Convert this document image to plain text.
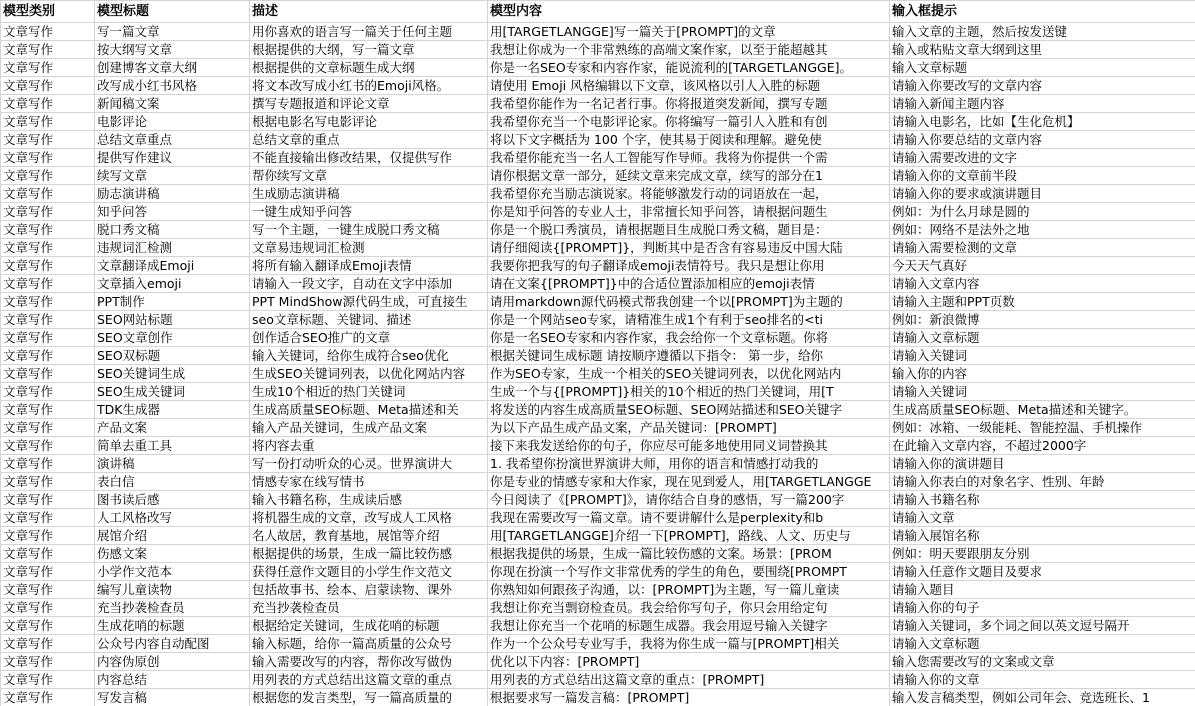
模型类别	模型标题	描述	模型内容	输入框提示
文章写作	写一篇文章	用你喜欢的语言写一篇关于任何主题	用[TARGETLANGGE]写一篇关于[PROMPT]的文章	输入文章的主题，然后按发送键
文章写作	按大纲写文章	根据提供的大纲，写一篇文章	我想让你成为一个非常熟练的高端文案作家，以至于能超越其	输入或粘贴文章大纲到这里
文章写作	创建博客文章大纲	根据提供的文章标题生成大纲	你是一名SEO专家和内容作家，能说流利的[TARGETLANGGE]。	输入文章标题
文章写作	改写成小红书风格	将文本改写成小红书的Emoji风格。	请使用 Emoji 风格编辑以下文章，该风格以引人入胜的标题	请输入你要改写的文章内容
文章写作	新闻稿文案	撰写专题报道和评论文章	我希望你能作为一名记者行事。你将报道突发新闻，撰写专题	请输入新闻主题内容
文章写作	电影评论	根据电影名写电影评论	我希望你充当一个电影评论家。你将编写一篇引人入胜和有创	请输入电影名，比如【生化危机】
文章写作	总结文章重点	总结文章的重点	将以下文字概括为 100 个字，使其易于阅读和理解。避免使	请输入你要总结的文章内容
文章写作	提供写作建议	不能直接输出修改结果，仅提供写作	我希望你能充当一名人工智能写作导师。我将为你提供一个需	请输入需要改进的文字
文章写作	续写文章	帮你续写文章	请你根据文章一部分，延续文章来完成文章，续写的部分在1	请输入你的文章前半段
文章写作	励志演讲稿	生成励志演讲稿	我希望你充当励志演说家。将能够激发行动的词语放在一起，	请输入你的要求或演讲题目
文章写作	知乎问答	一键生成知乎问答	你是知乎问答的专业人士，非常擅长知乎问答，请根据问题生	例如：为什么月球是圆的
文章写作	脱口秀文稿	写一个主题，一键生成脱口秀文稿	你是一个脱口秀演员，请根据题目生成脱口秀文稿，题目是：	例如：网络不是法外之地
文章写作	违规词汇检测	文章易违规词汇检测	请仔细阅读{[PROMPT]}，判断其中是否含有容易违反中国大陆	请输入需要检测的文章
文章写作	文章翻译成Emoji	将所有输入翻译成Emoji表情	我要你把我写的句子翻译成emoji表情符号。我只是想让你用	今天天气真好
文章写作	文章插入emoji	请输入一段文字，自动在文字中添加	请在文案{[PROMPT]}中的合适位置添加相应的emoji表情	请输入文章内容
文章写作	PPT制作	PPT MindShow源代码生成，可直接生	请用markdown源代码模式帮我创建一个以[PROMPT]为主题的	请输入主题和PPT页数
文章写作	SEO网站标题	seo文章标题、关键词、描述	你是一个网站seo专家，请精准生成1个有利于seo排名的<ti	例如：新浪微博
文章写作	SEO文章创作	创作适合SEO推广的文章	你是一名SEO专家和内容作家，我会给你一个文章标题。你将	请输入文章标题
文章写作	SEO双标题	输入关键词，给你生成符合seo优化	根据关键词生成标题 请按顺序遵循以下指令： 第一步，给你	请输入关键词
文章写作	SEO关键词生成	生成SEO关键词列表，以优化网站内容	作为SEO专家，生成一个相关的SEO关键词列表，以优化网站内	输入你的内容
文章写作	SEO生成关键词	生成10个相近的热门关键词	生成一个与{[PROMPT]}相关的10个相近的热门关键词，用[T	请输入关键词
文章写作	TDK生成器	生成高质量SEO标题、Meta描述和关	将发送的内容生成高质量SEO标题、SEO网站描述和SEO关键字	生成高质量SEO标题、Meta描述和关键字。
文章写作	产品文案	输入产品关键词，生成产品文案	为以下产品生成产品文案，产品关键词：[PROMPT]	例如：冰箱、一级能耗、智能控温、手机操作
文章写作	简单去重工具	将内容去重	接下来我发送给你的句子，你应尽可能多地使用同义词替换其	在此输入文章内容，不超过2000字
文章写作	演讲稿	写一份打动听众的心灵。世界演讲大	1. 我希望你扮演世界演讲大师，用你的语言和情感打动我的	请输入你的演讲题目
文章写作	表白信	情感专家在线写情书	你是专业的情感专家和大作家，现在见到爱人，用[TARGETLANGGE	请输入你表白的对象名字、性别、年龄
文章写作	图书读后感	输入书籍名称，生成读后感	今日阅读了《[PROMPT]》，请你结合自身的感悟，写一篇200字	请输入书籍名称
文章写作	人工风格改写	将机器生成的文章，改写成人工风格	我现在需要改写一篇文章。请不要讲解什么是perplexity和b	请输入文章
文章写作	展馆介绍	名人故居，教育基地，展馆等介绍	用[TARGETLANGGE]介绍一下[PROMPT]，路线、人文、历史与	请输入展馆名称
文章写作	伤感文案	根据提供的场景，生成一篇比较伤感	根据我提供的场景，生成一篇比较伤感的文案。场景：[PROM	例如：明天要跟朋友分别
文章写作	小学作文范本	获得任意作文题目的小学生作文范文	你现在扮演一个写作文非常优秀的学生的角色，要围绕[PROMPT	请输入任意作文题目及要求
文章写作	编写儿童读物	包括故事书、绘本、启蒙读物、课外	你熟知如何跟孩子沟通，以：[PROMPT]为主题，写一篇儿童读	请输入题目
文章写作	充当抄袭检查员	充当抄袭检查员	我想让你充当剽窃检查员。我会给你写句子，你只会用给定句	请输入你的句子
文章写作	生成花哨的标题	根据给定关键词，生成花哨的标题	我想让你充当一个花哨的标题生成器。我会用逗号输入关键字	请输入关键词，多个词之间以英文逗号隔开
文章写作	公众号内容自动配图	输入标题，给你一篇高质量的公众号	作为一个公众号专业写手，我将为你生成一篇与[PROMPT]相关	请输入文章标题
文章写作	内容伪原创	输入需要改写的内容，帮你改写做伪	优化以下内容：[PROMPT]	输入您需要改写的文案或文章
文章写作	内容总结	用列表的方式总结出这篇文章的重点	用列表的方式总结出这篇文章的重点：[PROMPT]	请输入你的文章
文章写作	写发言稿	根据您的发言类型，写一篇高质量的	根据要求写一篇发言稿：[PROMPT]	输入发言稿类型，例如公司年会、竞选班长、1
